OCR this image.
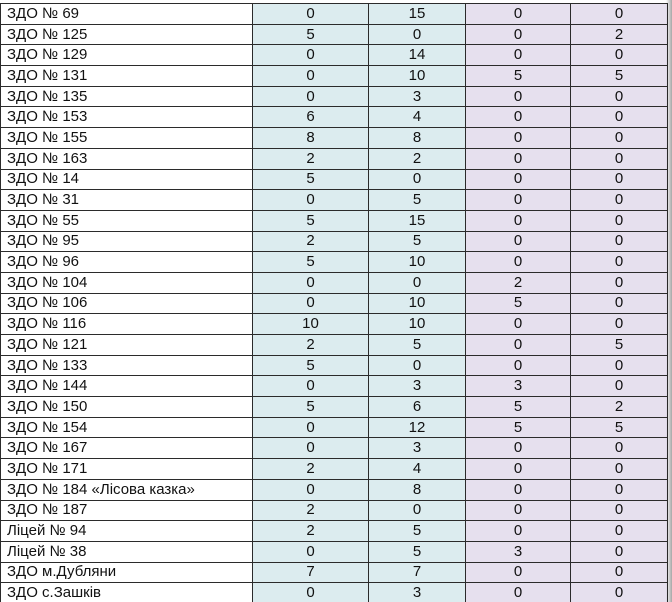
ЗДО № 69	0	15	0	0
ЗДО № 125	5	0	0	2
ЗДО № 129	0	14	0	0
ЗДО № 131	0	10	5	5
ЗДО № 135	0	3	0	0
ЗДО № 153	6	4	0	0
ЗДО № 155	8	8	0	0
ЗДО № 163	2	2	0	0
ЗДО № 14	5	0	0	0
ЗДО № 31	0	5	0	0
ЗДО № 55	5	15	0	0
ЗДО № 95	2	5	0	0
ЗДО № 96	5	10	0	0
ЗДО № 104	0	0	2	0
ЗДО № 106	0	10	5	0
ЗДО № 116	10	10	0	0
ЗДО № 121	2	5	0	5
ЗДО № 133	5	0	0	0
ЗДО № 144	0	3	3	0
ЗДО № 150	5	6	5	2
ЗДО № 154	0	12	5	5
ЗДО № 167	0	3	0	0
ЗДО № 171	2	4	0	0
ЗДО № 184 «Лісова казка»	0	8	0	0
ЗДО № 187	2	0	0	0
Ліцей № 94	2	5	0	0
Ліцей № 38	0	5	3	0
ЗДО м.Дубляни	7	7	0	0
ЗДО с.Зашків	0	3	0	0
